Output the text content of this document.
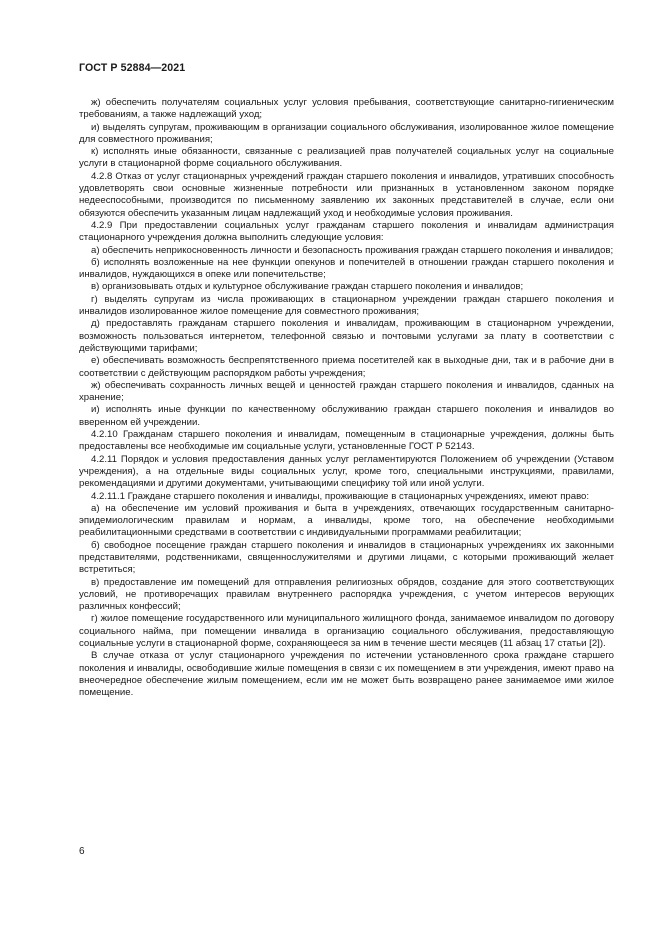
ГОСТ Р 52884—2021

ж) обеспечить получателям социальных услуг условия пребывания, соответствующие санитарно-гигиеническим требованиям, а также надлежащий уход;

и) выделять супругам, проживающим в организации социального обслуживания, изолированное жилое помещение для совместного проживания;

к) исполнять иные обязанности, связанные с реализацией прав получателей социальных услуг на социальные услуги в стационарной форме социального обслуживания.

4.2.8 Отказ от услуг стационарных учреждений граждан старшего поколения и инвалидов, утративших способность удовлетворять свои основные жизненные потребности или признанных в установленном законом порядке недееспособными, производится по письменному заявлению их законных представителей в случае, если они обязуются обеспечить указанным лицам надлежащий уход и необходимые условия проживания.

4.2.9 При предоставлении социальных услуг гражданам старшего поколения и инвалидам администрация стационарного учреждения должна выполнить следующие условия:

а) обеспечить неприкосновенность личности и безопасность проживания граждан старшего поколения и инвалидов;

б) исполнять возложенные на нее функции опекунов и попечителей в отношении граждан старшего поколения и инвалидов, нуждающихся в опеке или попечительстве;

в) организовывать отдых и культурное обслуживание граждан старшего поколения и инвалидов;

г) выделять супругам из числа проживающих в стационарном учреждении граждан старшего поколения и инвалидов изолированное жилое помещение для совместного проживания;

д) предоставлять гражданам старшего поколения и инвалидам, проживающим в стационарном учреждении, возможность пользоваться интернетом, телефонной связью и почтовыми услугами за плату в соответствии с действующими тарифами;

е) обеспечивать возможность беспрепятственного приема посетителей как в выходные дни, так и в рабочие дни в соответствии с действующим распорядком работы учреждения;

ж) обеспечивать сохранность личных вещей и ценностей граждан старшего поколения и инвалидов, сданных на хранение;

и) исполнять иные функции по качественному обслуживанию граждан старшего поколения и инвалидов во вверенном ей учреждении.

4.2.10 Гражданам старшего поколения и инвалидам, помещенным в стационарные учреждения, должны быть предоставлены все необходимые им социальные услуги, установленные ГОСТ Р 52143.

4.2.11 Порядок и условия предоставления данных услуг регламентируются Положением об учреждении (Уставом учреждения), а на отдельные виды социальных услуг, кроме того, специальными инструкциями, правилами, рекомендациями и другими документами, учитывающими специфику той или иной услуги.

4.2.11.1 Граждане старшего поколения и инвалиды, проживающие в стационарных учреждениях, имеют право:

а) на обеспечение им условий проживания и быта в учреждениях, отвечающих государственным санитарно-эпидемиологическим правилам и нормам, а инвалиды, кроме того, на обеспечение необходимыми реабилитационными средствами в соответствии с индивидуальными программами реабилитации;

б) свободное посещение граждан старшего поколения и инвалидов в стационарных учреждениях их законными представителями, родственниками, священнослужителями и другими лицами, с которыми проживающий желает встретиться;

в) предоставление им помещений для отправления религиозных обрядов, создание для этого соответствующих условий, не противоречащих правилам внутреннего распорядка учреждения, с учетом интересов верующих различных конфессий;

г) жилое помещение государственного или муниципального жилищного фонда, занимаемое инвалидом по договору социального найма, при помещении инвалида в организацию социального обслуживания, предоставляющую социальные услуги в стационарной форме, сохраняющееся за ним в течение шести месяцев (11 абзац 17 статьи [2]).

В случае отказа от услуг стационарного учреждения по истечении установленного срока граждане старшего поколения и инвалиды, освободившие жилые помещения в связи с их помещением в эти учреждения, имеют право на внеочередное обеспечение жилым помещением, если им не может быть возвращено ранее занимаемое ими жилое помещение.

6
